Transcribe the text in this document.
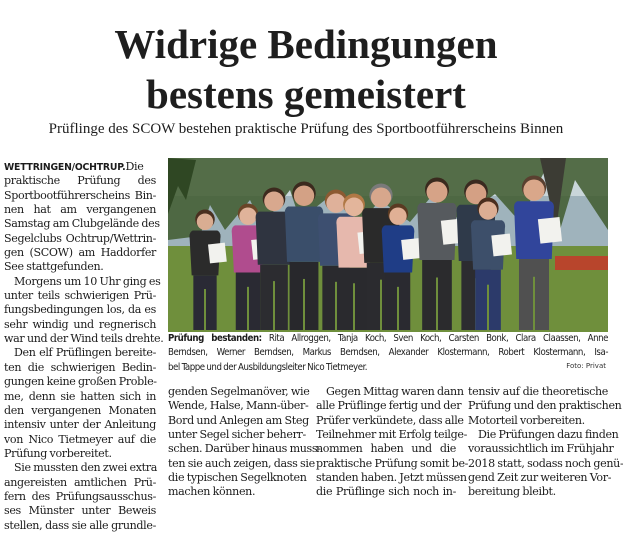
Widrige Bedingungen
bestens gemeistert
Prüflinge des SCOW bestehen praktische Prüfung des Sportbootführerscheins Binnen
WETTRINGEN/OCHTRUP.Die
praktische Prüfung des
Sportbootführerscheins Bin-
nen hat am vergangenen
Samstag am Clubgelände des
Segelclubs Ochtrup/Wettrin-
gen (SCOW) am Haddorfer
See stattgefunden.
Morgens um 10 Uhr ging es
unter teils schwierigen Prü-
fungsbedingungen los, da es
sehr windig und regnerisch
war und der Wind teils drehte.
Den elf Prüflingen bereite-
ten die schwierigen Bedin-
gungen keine großen Proble-
me, denn sie hatten sich in
den vergangenen Monaten
intensiv unter der Anleitung
von Nico Tietmeyer auf die
Prüfung vorbereitet.
Sie mussten den zwei extra
angereisten amtlichen Prü-
fern des Prüfungsausschus-
ses Münster unter Beweis
stellen, dass sie alle grundle-
Prüfung bestanden: Rita Allroggen, Tanja Koch, Sven Koch, Carsten Bonk, Clara Claassen, Anne
Berndsen, Werner Berndsen, Markus Berndsen, Alexander Klostermann, Robert Klostermann, Isa-
bel Tappe und der Ausbildungsleiter Nico Tietmeyer.	Foto: Privat
genden Segelmanöver, wie
Wende, Halse, Mann-über-
Bord und Anlegen am Steg
unter Segel sicher beherr-
schen. Darüber hinaus muss-
ten sie auch zeigen, dass sie
die typischen Segelknoten
machen können.
Gegen Mittag waren dann
alle Prüflinge fertig und der
Prüfer verkündete, dass alle
Teilnehmer mit Erfolg teilge-
nommen haben und die
praktische Prüfung somit be-
standen haben. Jetzt müssen
die Prüflinge sich noch in-
tensiv auf die theoretische
Prüfung und den praktischen
Motorteil vorbereiten.
Die Prüfungen dazu finden
voraussichtlich im Frühjahr
2018 statt, sodass noch genü-
gend Zeit zur weiteren Vor-
bereitung bleibt.
